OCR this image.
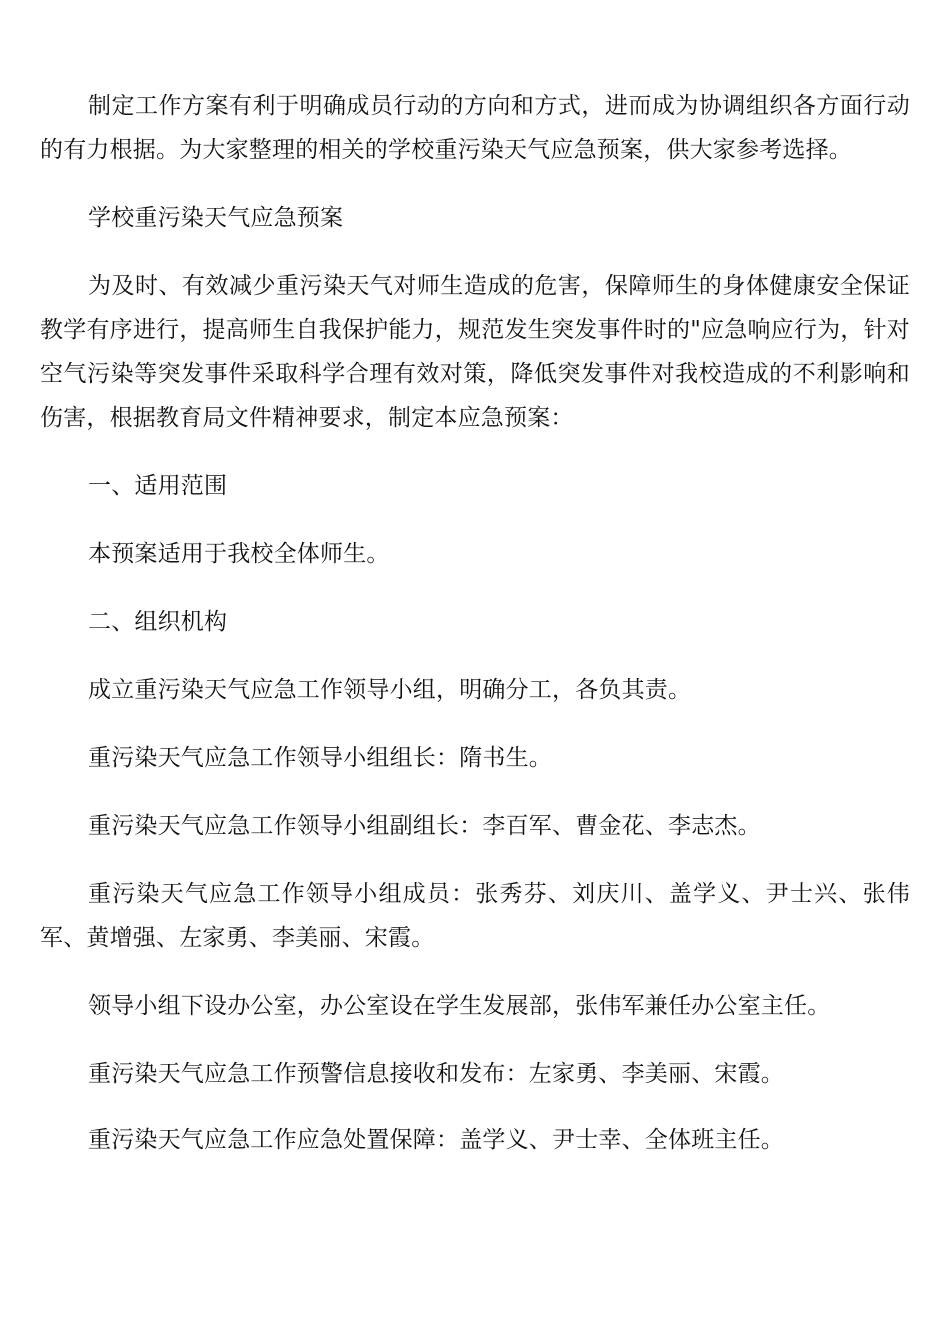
制定工作方案有利于明确成员行动的方向和方式，进而成为协调组织各方面行动的有力根据。为大家整理的相关的学校重污染天气应急预案，供大家参考选择。

学校重污染天气应急预案

为及时、有效减少重污染天气对师生造成的危害，保障师生的身体健康安全保证教学有序进行，提高师生自我保护能力，规范发生突发事件时的"应急响应行为，针对空气污染等突发事件采取科学合理有效对策，降低突发事件对我校造成的不利影响和伤害，根据教育局文件精神要求，制定本应急预案：

一、适用范围

本预案适用于我校全体师生。

二、组织机构

成立重污染天气应急工作领导小组，明确分工，各负其责。

重污染天气应急工作领导小组组长：隋书生。

重污染天气应急工作领导小组副组长：李百军、曹金花、李志杰。

重污染天气应急工作领导小组成员：张秀芬、刘庆川、盖学义、尹士兴、张伟军、黄增强、左家勇、李美丽、宋霞。

领导小组下设办公室，办公室设在学生发展部，张伟军兼任办公室主任。

重污染天气应急工作预警信息接收和发布：左家勇、李美丽、宋霞。

重污染天气应急工作应急处置保障：盖学义、尹士幸、全体班主任。
